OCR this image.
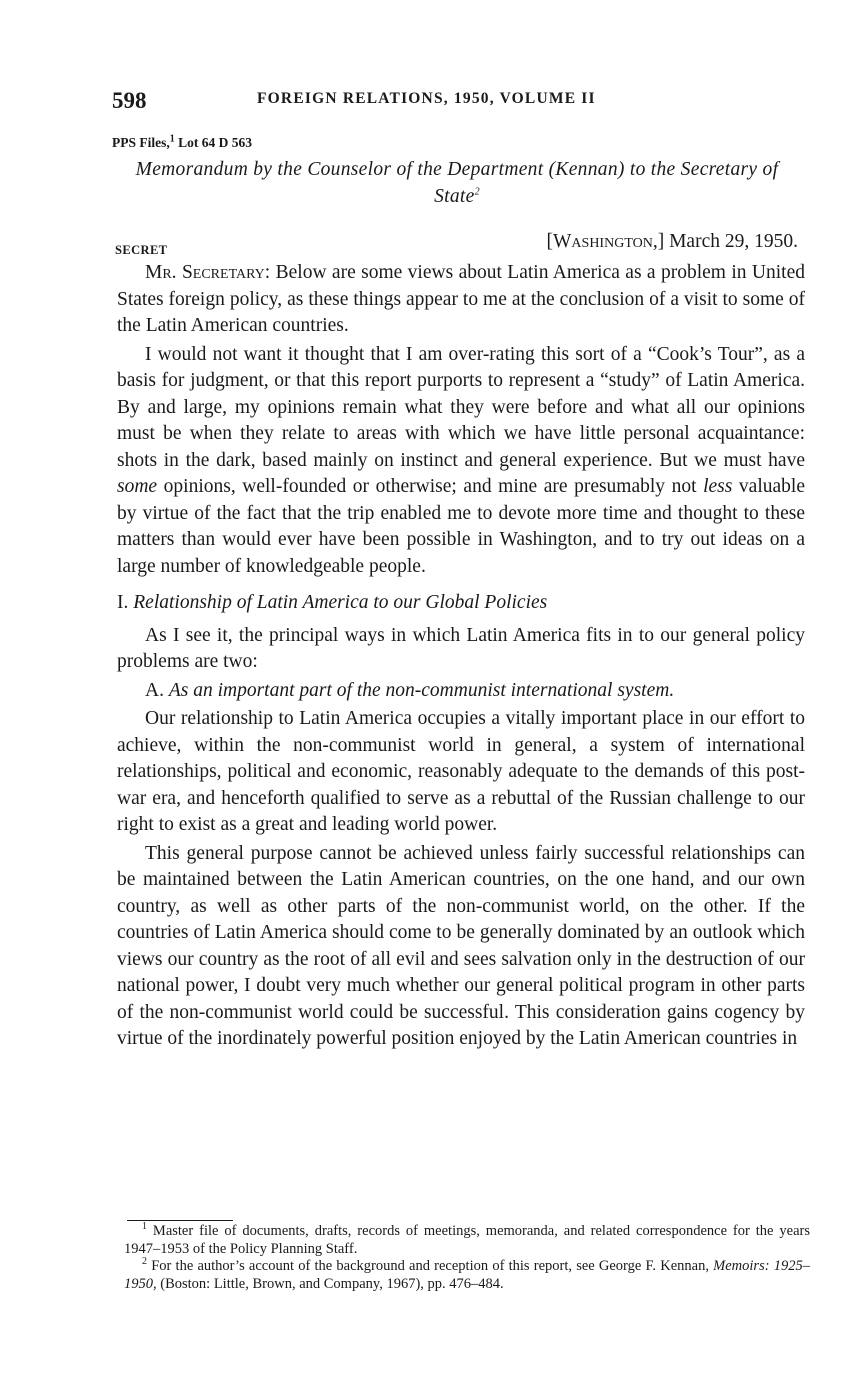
598	FOREIGN RELATIONS, 1950, VOLUME II
PPS Files,$^1$ Lot 64 D 563
Memorandum by the Counselor of the Department (Kennan) to the Secretary of State$^2$
SECRET	[Washington,] March 29, 1950.

Mr. Secretary: Below are some views about Latin America as a problem in United States foreign policy, as these things appear to me at the conclusion of a visit to some of the Latin American countries.

I would not want it thought that I am over-rating this sort of a “Cook’s Tour”, as a basis for judgment, or that this report purports to represent a “study” of Latin America. By and large, my opinions remain what they were before and what all our opinions must be when they relate to areas with which we have little personal acquaintance: shots in the dark, based mainly on instinct and general experience. But we must have some opinions, well-founded or otherwise; and mine are presumably not less valuable by virtue of the fact that the trip enabled me to devote more time and thought to these matters than would ever have been possible in Washington, and to try out ideas on a large number of knowledgeable people.

I. Relationship of Latin America to our Global Policies

As I see it, the principal ways in which Latin America fits in to our general policy problems are two:

A. As an important part of the non-communist international system.

Our relationship to Latin America occupies a vitally important place in our effort to achieve, within the non-communist world in general, a system of international relationships, political and economic, reasonably adequate to the demands of this post-war era, and henceforth qualified to serve as a rebuttal of the Russian challenge to our right to exist as a great and leading world power.

This general purpose cannot be achieved unless fairly successful relationships can be maintained between the Latin American countries, on the one hand, and our own country, as well as other parts of the non-communist world, on the other. If the countries of Latin America should come to be generally dominated by an outlook which views our country as the root of all evil and sees salvation only in the destruction of our national power, I doubt very much whether our general political program in other parts of the non-communist world could be successful. This consideration gains cogency by virtue of the inordinately powerful position enjoyed by the Latin American countries in

$^1$ Master file of documents, drafts, records of meetings, memoranda, and related correspondence for the years 1947–1953 of the Policy Planning Staff.

$^2$ For the author’s account of the background and reception of this report, see George F. Kennan, Memoirs: 1925–1950, (Boston: Little, Brown, and Company, 1967), pp. 476–484.
